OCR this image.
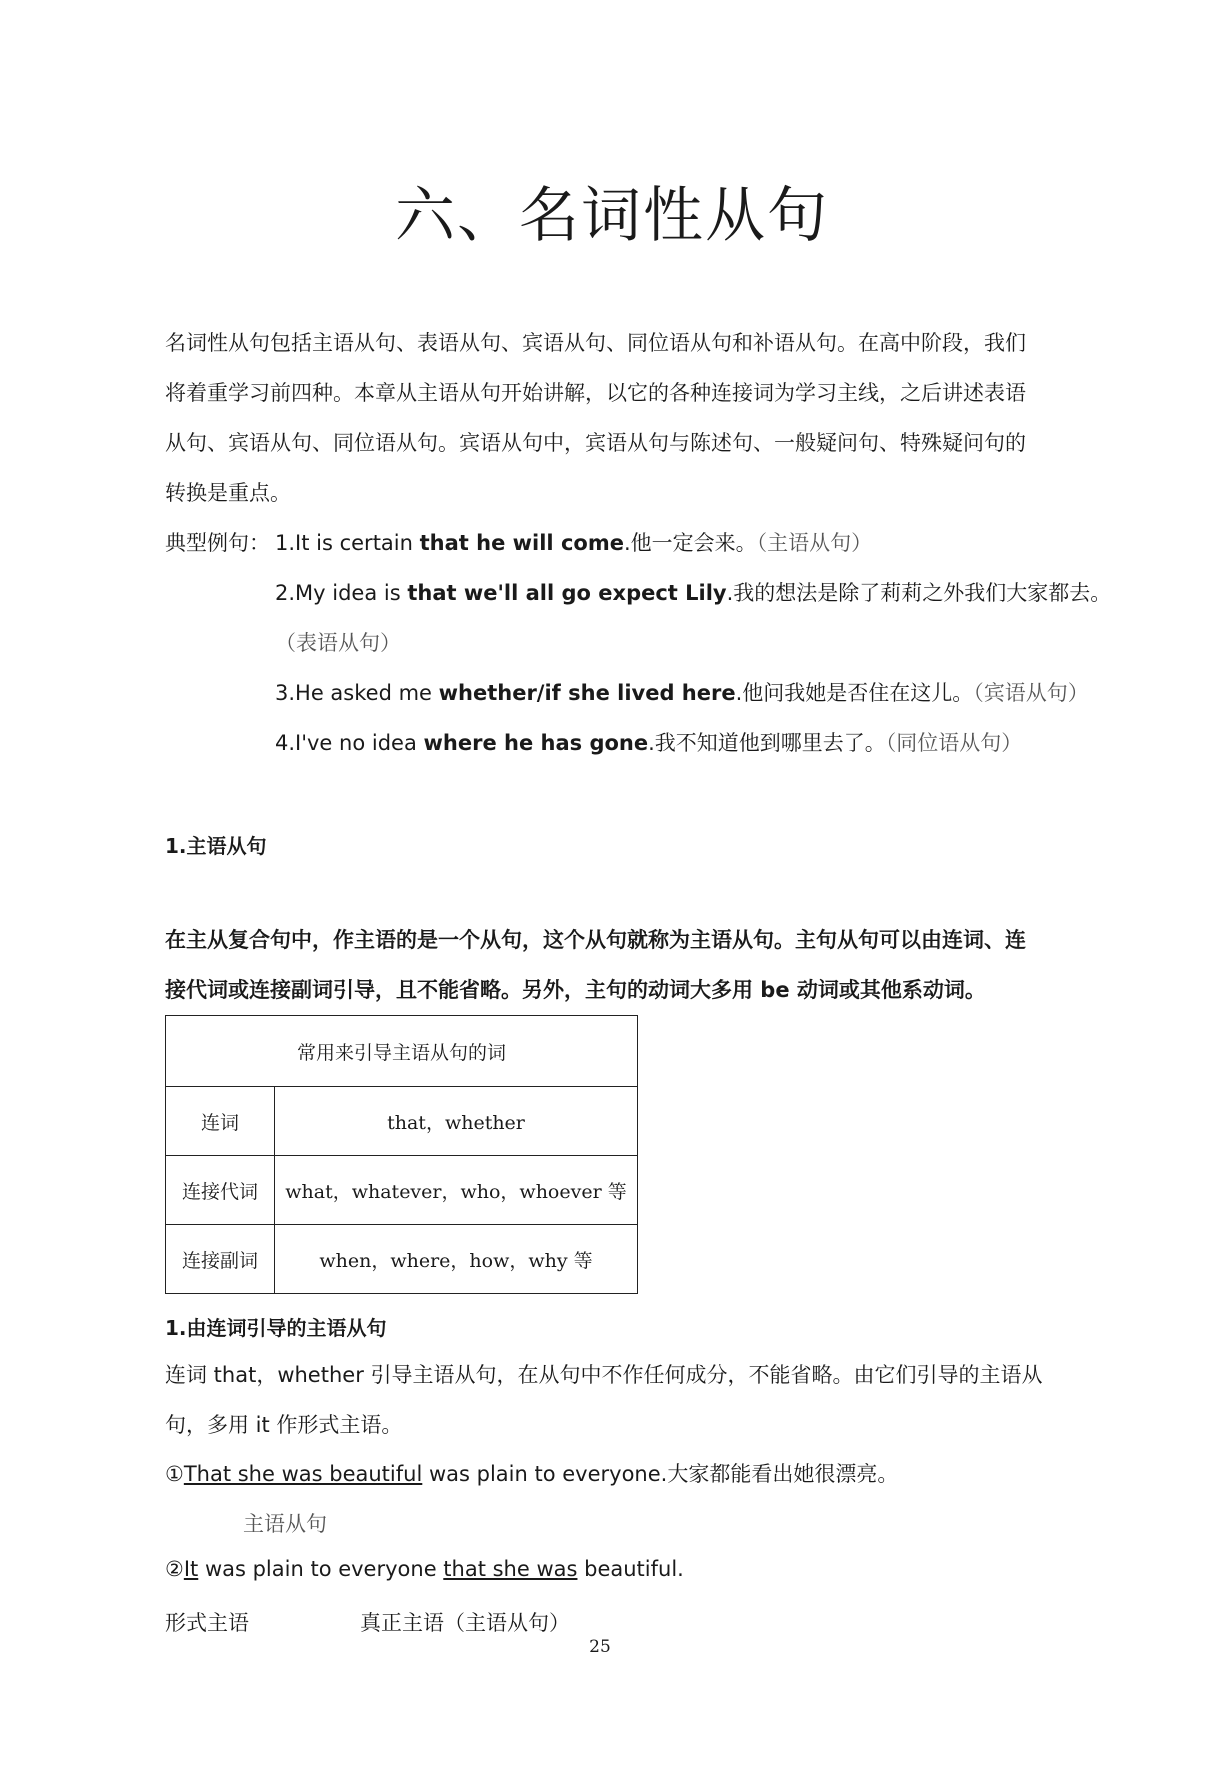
六、名词性从句

名词性从句包括主语从句、表语从句、宾语从句、同位语从句和补语从句。在高中阶段，我们将着重学习前四种。本章从主语从句开始讲解，以它的各种连接词为学习主线，之后讲述表语从句、宾语从句、同位语从句。宾语从句中，宾语从句与陈述句、一般疑问句、特殊疑问句的转换是重点。

典型例句： 1.It is certain that he will come.他一定会来。（主语从句）
2.My idea is that we'll all go expect Lily.我的想法是除了莉莉之外我们大家都去。
（表语从句）
3.He asked me whether/if she lived here.他问我她是否住在这儿。（宾语从句）
4.I've no idea where he has gone.我不知道他到哪里去了。（同位语从句）
1.主语从句

在主从复合句中，作主语的是一个从句，这个从句就称为主语从句。主句从句可以由连词、连接代词或连接副词引导，且不能省略。另外，主句的动词大多用 be 动词或其他系动词。

常用来引导主语从句的词	
连词	that，whether
连接代词	what，whatever，who，whoever 等
连接副词	when，where，how，why 等
1.由连词引导的主语从句

连词 that，whether 引导主语从句，在从句中不作任何成分，不能省略。由它们引导的主语从句，多用 it 作形式主语。

①That she was beautiful was plain to everyone.大家都能看出她很漂亮。
主语从句
②It was plain to everyone that she was beautiful.
形式主语	真正主语（主语从句）
25
